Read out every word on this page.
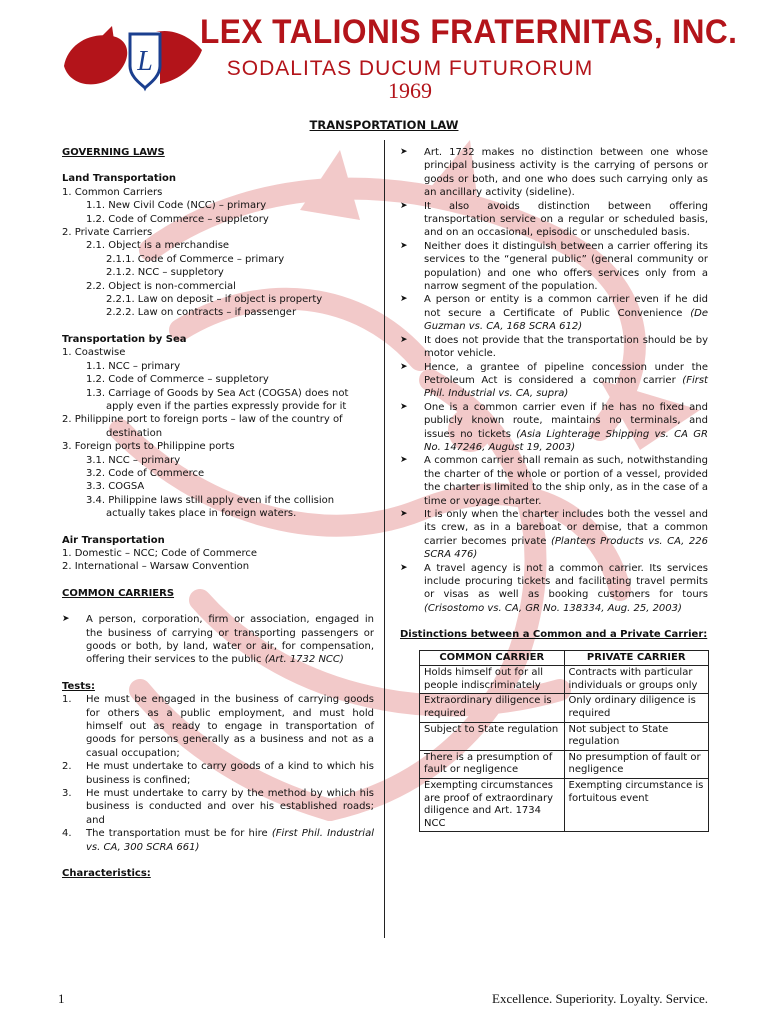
L
LEX TALIONIS FRATERNITAS, INC.
SODALITAS DUCUM FUTURORUM
1969
TRANSPORTATION LAW
GOVERNING LAWS
Land Transportation
1. Common Carriers
1.1. New Civil Code (NCC) – primary
1.2. Code of Commerce – suppletory
2. Private Carriers
2.1. Object is a merchandise
2.1.1. Code of Commerce – primary
2.1.2. NCC – suppletory
2.2. Object is non-commercial
2.2.1. Law on deposit – if object is property
2.2.2. Law on contracts – if passenger
Transportation by Sea
1. Coastwise
1.1. NCC – primary
1.2. Code of Commerce – suppletory
1.3. Carriage of Goods by Sea Act (COGSA) does not
apply even if the parties expressly provide for it
2. Philippine port to foreign ports – law of the country of
destination
3. Foreign ports to Philippine ports
3.1. NCC – primary
3.2. Code of Commerce
3.3. COGSA
3.4. Philippine laws still apply even if the collision
actually takes place in foreign waters.
Air Transportation
1. Domestic – NCC; Code of Commerce
2. International – Warsaw Convention
COMMON CARRIERS
➤ A person, corporation, firm or association, engaged in the business of carrying or transporting passengers or goods or both, by land, water or air, for compensation, offering their services to the public (Art. 1732 NCC)
Tests:
1. He must be engaged in the business of carrying goods for others as a public employment, and must hold himself out as ready to engage in transportation of goods for persons generally as a business and not as a casual occupation;
2. He must undertake to carry goods of a kind to which his business is confined;
3. He must undertake to carry by the method by which his business is conducted and over his established roads; and
4. The transportation must be for hire (First Phil. Industrial vs. CA, 300 SCRA 661)
Characteristics:
➤ Art. 1732 makes no distinction between one whose principal business activity is the carrying of persons or goods or both, and one who does such carrying only as an ancillary activity (sideline).
➤ It also avoids distinction between offering transportation service on a regular or scheduled basis, and on an occasional, episodic or unscheduled basis.
➤ Neither does it distinguish between a carrier offering its services to the “general public” (general community or population) and one who offers services only from a narrow segment of the population.
➤ A person or entity is a common carrier even if he did not secure a Certificate of Public Convenience (De Guzman vs. CA, 168 SCRA 612)
➤ It does not provide that the transportation should be by motor vehicle.
➤ Hence, a grantee of pipeline concession under the Petroleum Act is considered a common carrier (First Phil. Industrial vs. CA, supra)
➤ One is a common carrier even if he has no fixed and publicly known route, maintains no terminals, and issues no tickets (Asia Lighterage Shipping vs. CA GR No. 147246, August 19, 2003)
➤ A common carrier shall remain as such, notwithstanding the charter of the whole or portion of a vessel, provided the charter is limited to the ship only, as in the case of a time or voyage charter.
➤ It is only when the charter includes both the vessel and its crew, as in a bareboat or demise, that a common carrier becomes private (Planters Products vs. CA, 226 SCRA 476)
➤ A travel agency is not a common carrier. Its services include procuring tickets and facilitating travel permits or visas as well as booking customers for tours (Crisostomo vs. CA, GR No. 138334, Aug. 25, 2003)
Distinctions between a Common and a Private Carrier:
COMMON CARRIER	PRIVATE CARRIER
Holds himself out for all people indiscriminately	Contracts with particular individuals or groups only
Extraordinary diligence is required	Only ordinary diligence is required
Subject to State regulation	Not subject to State regulation
There is a presumption of fault or negligence	No presumption of fault or negligence
Exempting circumstances are proof of extraordinary diligence and Art. 1734 NCC	Exempting circumstance is fortuitous event
1	Excellence. Superiority. Loyalty. Service.
